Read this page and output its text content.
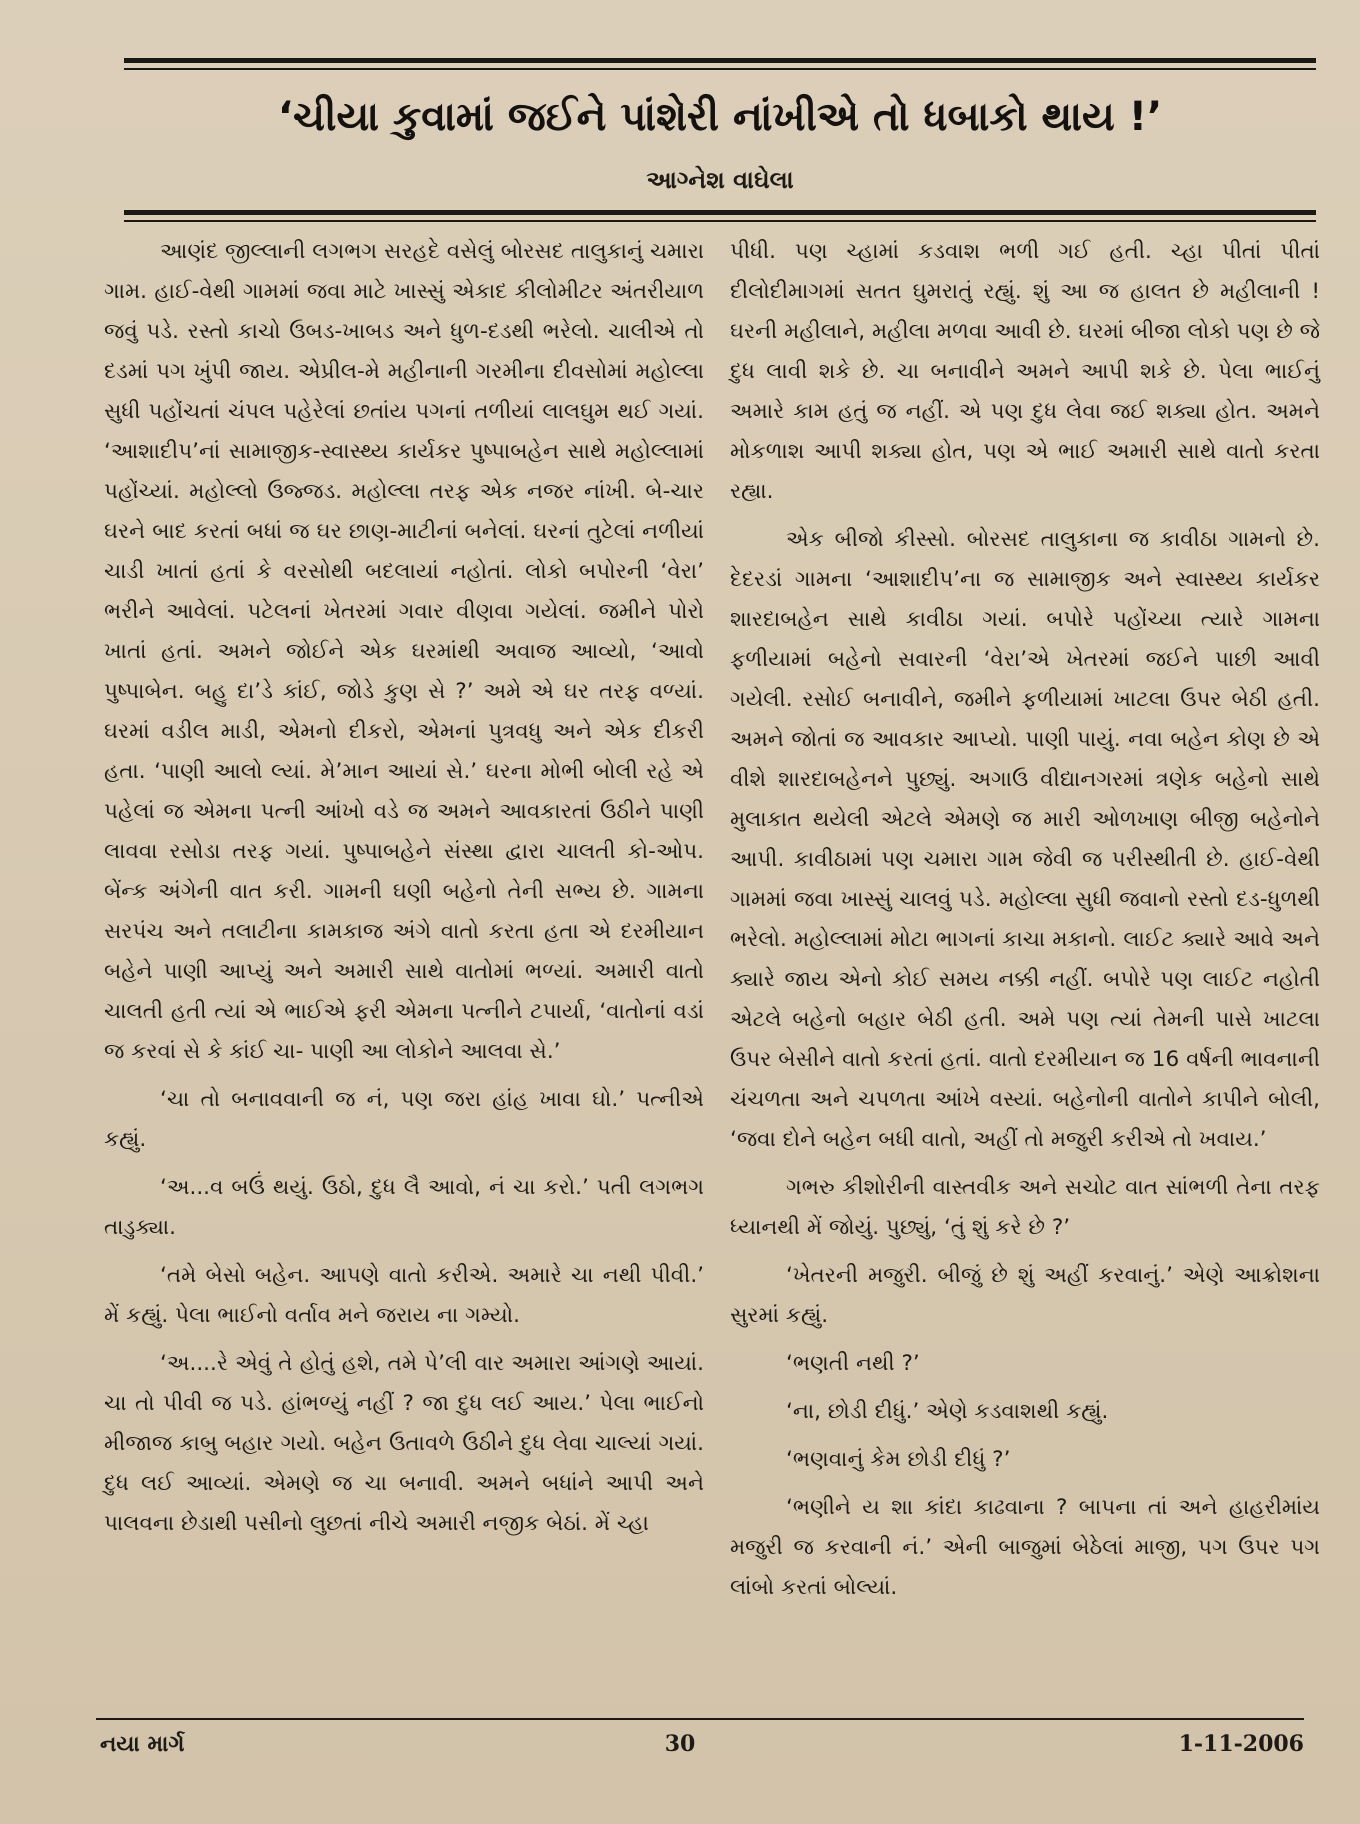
‘ચીયા કુવામાં જઈને પાંશેરી નાંખીએ તો ધબાકો થાય !’
આગ્નેશ વાઘેલા

આણંદ જીલ્લાની લગભગ સરહદે વસેલું બોરસદ તાલુકાનું ચમારા ગામ. હાઈ-વેથી ગામમાં જવા માટે ખાસ્સું એકાદ કીલોમીટર અંતરીયાળ જવું પડે. રસ્તો કાચો ઉબડ-ખાબડ અને ધુળ-દડથી ભરેલો. ચાલીએ તો દડમાં પગ ખુંપી જાય. એપ્રીલ-મે મહીનાની ગરમીના દીવસોમાં મહોલ્લા સુધી પહોંચતાં ચંપલ પહેરેલાં છતાંય પગનાં તળીયાં લાલઘુમ થઈ ગયાં. ‘આશાદીપ’નાં સામાજીક-સ્વાસ્થ્ય કાર્યકર પુષ્પાબહેન સાથે મહોલ્લામાં પહોંચ્યાં. મહોલ્લો ઉજ્જડ. મહોલ્લા તરફ એક નજર નાંખી. બે-ચાર ઘરને બાદ કરતાં બધાં જ ઘર છાણ-માટીનાં બનેલાં. ઘરનાં તુટેલાં નળીયાં ચાડી ખાતાં હતાં કે વરસોથી બદલાયાં નહોતાં. લોકો બપોરની ‘વેરા’ ભરીને આવેલાં. પટેલનાં ખેતરમાં ગવાર વીણવા ગયેલાં. જમીને પોરો ખાતાં હતાં. અમને જોઈને એક ઘરમાંથી અવાજ આવ્યો, ‘આવો પુષ્પાબેન. બહુ દા’ડે કાંઈ, જોડે કુણ સે ?’ અમે એ ઘર તરફ વળ્યાં. ઘરમાં વડીલ માડી, એમનો દીકરો, એમનાં પુત્રવધુ અને એક દીકરી હતા. ‘પાણી આલો લ્યાં. મે’માન આયાં સે.’ ઘરના મોભી બોલી રહે એ પહેલાં જ એમના પત્ની આંખો વડે જ અમને આવકારતાં ઉઠીને પાણી લાવવા રસોડા તરફ ગયાં. પુષ્પાબહેને સંસ્થા દ્વારા ચાલતી કો-ઓપ. બેંન્ક અંગેની વાત કરી. ગામની ઘણી બહેનો તેની સભ્ય છે. ગામના સરપંચ અને તલાટીના કામકાજ અંગે વાતો કરતા હતા એ દરમીયાન બહેને પાણી આપ્યું અને અમારી સાથે વાતોમાં ભળ્યાં. અમારી વાતો ચાલતી હતી ત્યાં એ ભાઈએ ફરી એમના પત્નીને ટપાર્યા, ‘વાતોનાં વડાં જ કરવાં સે કે કાંઈ ચા- પાણી આ લોકોને આલવા સે.’

‘ચા તો બનાવવાની જ નં, પણ જરા હાંહ ખાવા ઘો.’ પત્નીએ કહ્યું.

‘અ...વ બઉં થયું. ઉઠો, દુધ લૈ આવો, નં ચા કરો.’ પતી લગભગ તાડુક્યા.

‘તમે બેસો બહેન. આપણે વાતો કરીએ. અમારે ચા નથી પીવી.’ મેં કહ્યું. પેલા ભાઈનો વર્તાવ મને જરાય ના ગમ્યો.

‘અ....રે એવું તે હોતું હશે, તમે પે’લી વાર અમારા આંગણે આયાં. ચા તો પીવી જ પડે. હાંભળ્યું નહીં ? જા દુધ લઈ આય.’ પેલા ભાઈનો મીજાજ કાબુ બહાર ગયો. બહેન ઉતાવળે ઉઠીને દુધ લેવા ચાલ્યાં ગયાં. દુધ લઈ આવ્યાં. એમણે જ ચા બનાવી. અમને બધાંને આપી અને પાલવના છેડાથી પસીનો લુછતાં નીચે અમારી નજીક બેઠાં. મેં ચ્હા

પીધી. પણ ચ્હામાં કડવાશ ભળી ગઈ હતી. ચ્હા પીતાં પીતાં દીલોદીમાગમાં સતત ઘુમરાતું રહ્યું. શું આ જ હાલત છે મહીલાની ! ઘરની મહીલાને, મહીલા મળવા આવી છે. ઘરમાં બીજા લોકો પણ છે જે દુધ લાવી શકે છે. ચા બનાવીને અમને આપી શકે છે. પેલા ભાઈનું અમારે કામ હતું જ નહીં. એ પણ દુધ લેવા જઈ શક્યા હોત. અમને મોકળાશ આપી શક્યા હોત, પણ એ ભાઈ અમારી સાથે વાતો કરતા રહ્યા.

એક બીજો કીસ્સો. બોરસદ તાલુકાના જ કાવીઠા ગામનો છે. દેદરડાં ગામના ‘આશાદીપ’ના જ સામાજીક અને સ્વાસ્થ્ય કાર્યકર શારદાબહેન સાથે કાવીઠા ગયાં. બપોરે પહોંચ્યા ત્યારે ગામના ફળીયામાં બહેનો સવારની ‘વેરા’એ ખેતરમાં જઈને પાછી આવી ગયેલી. રસોઈ બનાવીને, જમીને ફળીયામાં ખાટલા ઉપર બેઠી હતી. અમને જોતાં જ આવકાર આપ્યો. પાણી પાયું. નવા બહેન કોણ છે એ વીશે શારદાબહેનને પુછ્યું. અગાઉ વીદ્યાનગરમાં ત્રણેક બહેનો સાથે મુલાકાત થયેલી એટલે એમણે જ મારી ઓળખાણ બીજી બહેનોને આપી. કાવીઠામાં પણ ચમારા ગામ જેવી જ પરીસ્થીતી છે. હાઈ-વેથી ગામમાં જવા ખાસ્સું ચાલવું પડે. મહોલ્લા સુધી જવાનો રસ્તો દડ-ધુળથી ભરેલો. મહોલ્લામાં મોટા ભાગનાં કાચા મકાનો. લાઈટ ક્યારે આવે અને ક્યારે જાય એનો કોઈ સમય નક્કી નહીં. બપોરે પણ લાઈટ નહોતી એટલે બહેનો બહાર બેઠી હતી. અમે પણ ત્યાં તેમની પાસે ખાટલા ઉપર બેસીને વાતો કરતાં હતાં. વાતો દરમીયાન જ 16 વર્ષની ભાવનાની ચંચળતા અને ચપળતા આંખે વસ્યાં. બહેનોની વાતોને કાપીને બોલી, ‘જવા દોને બહેન બધી વાતો, અહીં તો મજુરી કરીએ તો ખવાય.’

ગભરુ કીશોરીની વાસ્તવીક અને સચોટ વાત સાંભળી તેના તરફ ધ્યાનથી મેં જોયું. પુછ્યું, ‘તું શું કરે છે ?’

‘ખેતરની મજુરી. બીજું છે શું અહીં કરવાનું.’ એણે આક્રોશના સુરમાં કહ્યું.

‘ભણતી નથી ?’

‘ના, છોડી દીધું.’ એણે કડવાશથી કહ્યું.

‘ભણવાનું કેમ છોડી દીધું ?’

‘ભણીને ય શા કાંદા કાઢવાના ? બાપના તાં અને હાહરીમાંય મજુરી જ કરવાની નં.’ એની બાજુમાં બેઠેલાં માજી, પગ ઉપર પગ લાંબો કરતાં બોલ્યાં.

નયા માર્ગ	30	1-11-2006
